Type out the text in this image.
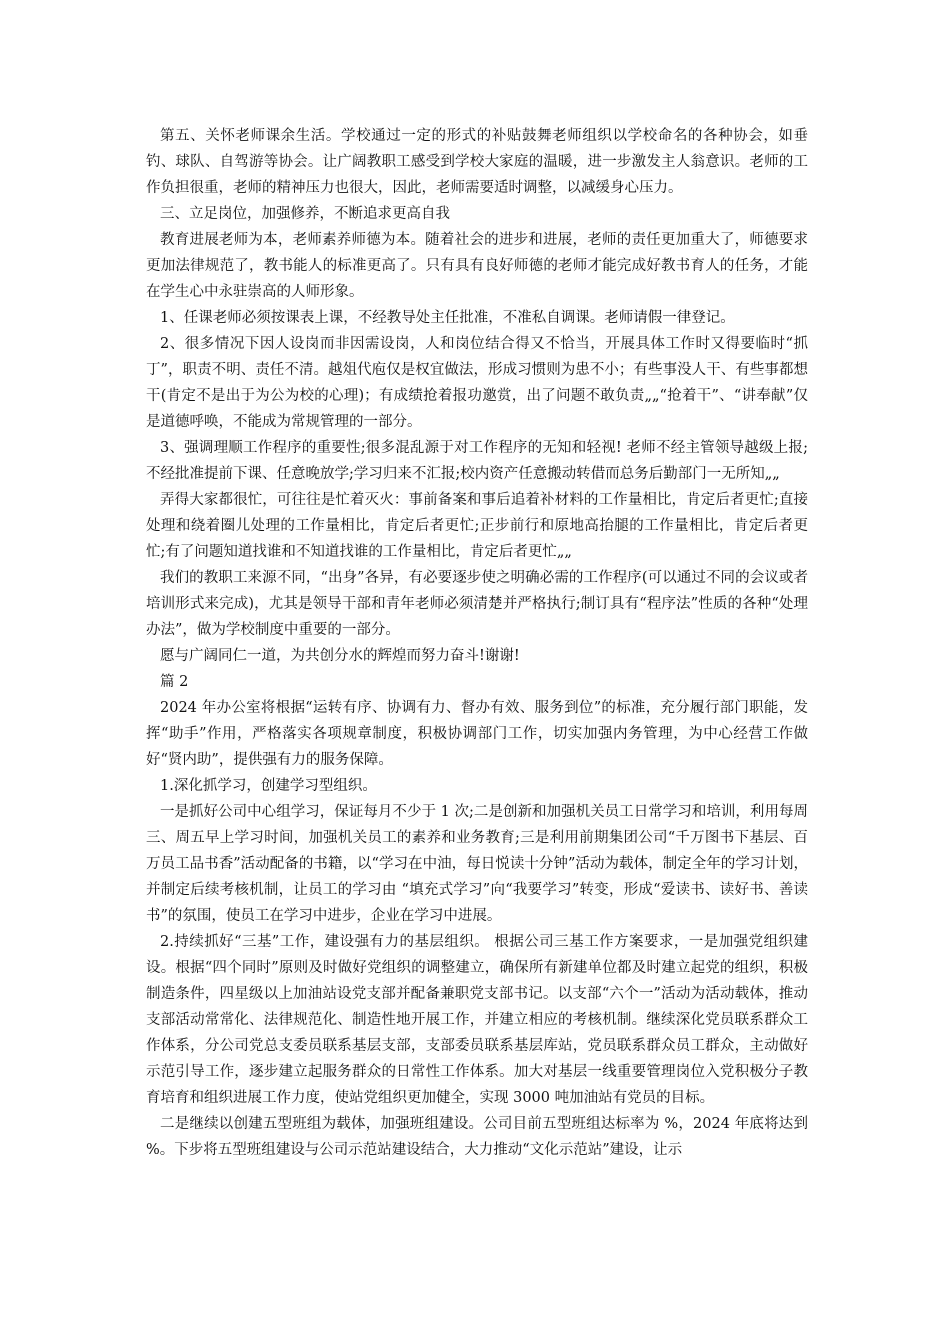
第五、关怀老师课余生活。学校通过一定的形式的补贴鼓舞老师组织以学校命名的各种协会，如垂钓、球队、自驾游等协会。让广阔教职工感受到学校大家庭的温暖，进一步激发主人翁意识。老师的工作负担很重，老师的精神压力也很大，因此，老师需要适时调整，以减缓身心压力。

三、立足岗位，加强修养，不断追求更高自我

教育进展老师为本，老师素养师德为本。随着社会的进步和进展，老师的责任更加重大了，师德要求更加法律规范了，教书能人的标准更高了。只有具有良好师德的老师才能完成好教书育人的任务，才能在学生心中永驻崇高的人师形象。

1、任课老师必须按课表上课，不经教导处主任批准，不准私自调课。老师请假一律登记。

2、很多情况下因人设岗而非因需设岗，人和岗位结合得又不恰当，开展具体工作时又得要临时“抓丁”，职责不明、责任不清。越俎代庖仅是权宜做法，形成习惯则为患不小；有些事没人干、有些事都想干(肯定不是出于为公为校的心理)；有成绩抢着报功邀赏，出了问题不敢负责„„“抢着干”、“讲奉献”仅是道德呼唤，不能成为常规管理的一部分。

3、强调理顺工作程序的重要性;很多混乱源于对工作程序的无知和轻视! 老师不经主管领导越级上报;不经批准提前下课、任意晚放学;学习归来不汇报;校内资产任意搬动转借而总务后勤部门一无所知„„

弄得大家都很忙，可往往是忙着灭火：事前备案和事后追着补材料的工作量相比，肯定后者更忙;直接处理和绕着圈儿处理的工作量相比，肯定后者更忙;正步前行和原地高抬腿的工作量相比，肯定后者更忙;有了问题知道找谁和不知道找谁的工作量相比，肯定后者更忙„„

我们的教职工来源不同，“出身”各异，有必要逐步使之明确必需的工作程序(可以通过不同的会议或者培训形式来完成)，尤其是领导干部和青年老师必须清楚并严格执行;制订具有“程序法”性质的各种“处理办法”，做为学校制度中重要的一部分。

愿与广阔同仁一道，为共创分水的辉煌而努力奋斗!谢谢!

篇 2

2024 年办公室将根据“运转有序、协调有力、督办有效、服务到位”的标准，充分履行部门职能，发挥“助手”作用，严格落实各项规章制度，积极协调部门工作，切实加强内务管理，为中心经营工作做好“贤内助”，提供强有力的服务保障。

1.深化抓学习，创建学习型组织。

一是抓好公司中心组学习，保证每月不少于 1 次;二是创新和加强机关员工日常学习和培训，利用每周三、周五早上学习时间，加强机关员工的素养和业务教育;三是利用前期集团公司“千万图书下基层、百万员工品书香”活动配备的书籍，以“学习在中油，每日悦读十分钟”活动为载体，制定全年的学习计划，并制定后续考核机制，让员工的学习由 “填充式学习”向“我要学习”转变，形成“爱读书、读好书、善读书”的氛围，使员工在学习中进步，企业在学习中进展。

2.持续抓好“三基”工作，建设强有力的基层组织。 根据公司三基工作方案要求，一是加强党组织建设。根据“四个同时”原则及时做好党组织的调整建立，确保所有新建单位都及时建立起党的组织，积极制造条件，四星级以上加油站设党支部并配备兼职党支部书记。以支部“六个一”活动为活动载体，推动支部活动常常化、法律规范化、制造性地开展工作，并建立相应的考核机制。继续深化党员联系群众工作体系，分公司党总支委员联系基层支部，支部委员联系基层库站，党员联系群众员工群众，主动做好示范引导工作，逐步建立起服务群众的日常性工作体系。加大对基层一线重要管理岗位入党积极分子教育培育和组织进展工作力度，使站党组织更加健全，实现 3000 吨加油站有党员的目标。

二是继续以创建五型班组为载体，加强班组建设。公司目前五型班组达标率为 %，2024 年底将达到 %。下步将五型班组建设与公司示范站建设结合，大力推动“文化示范站”建设，让示
